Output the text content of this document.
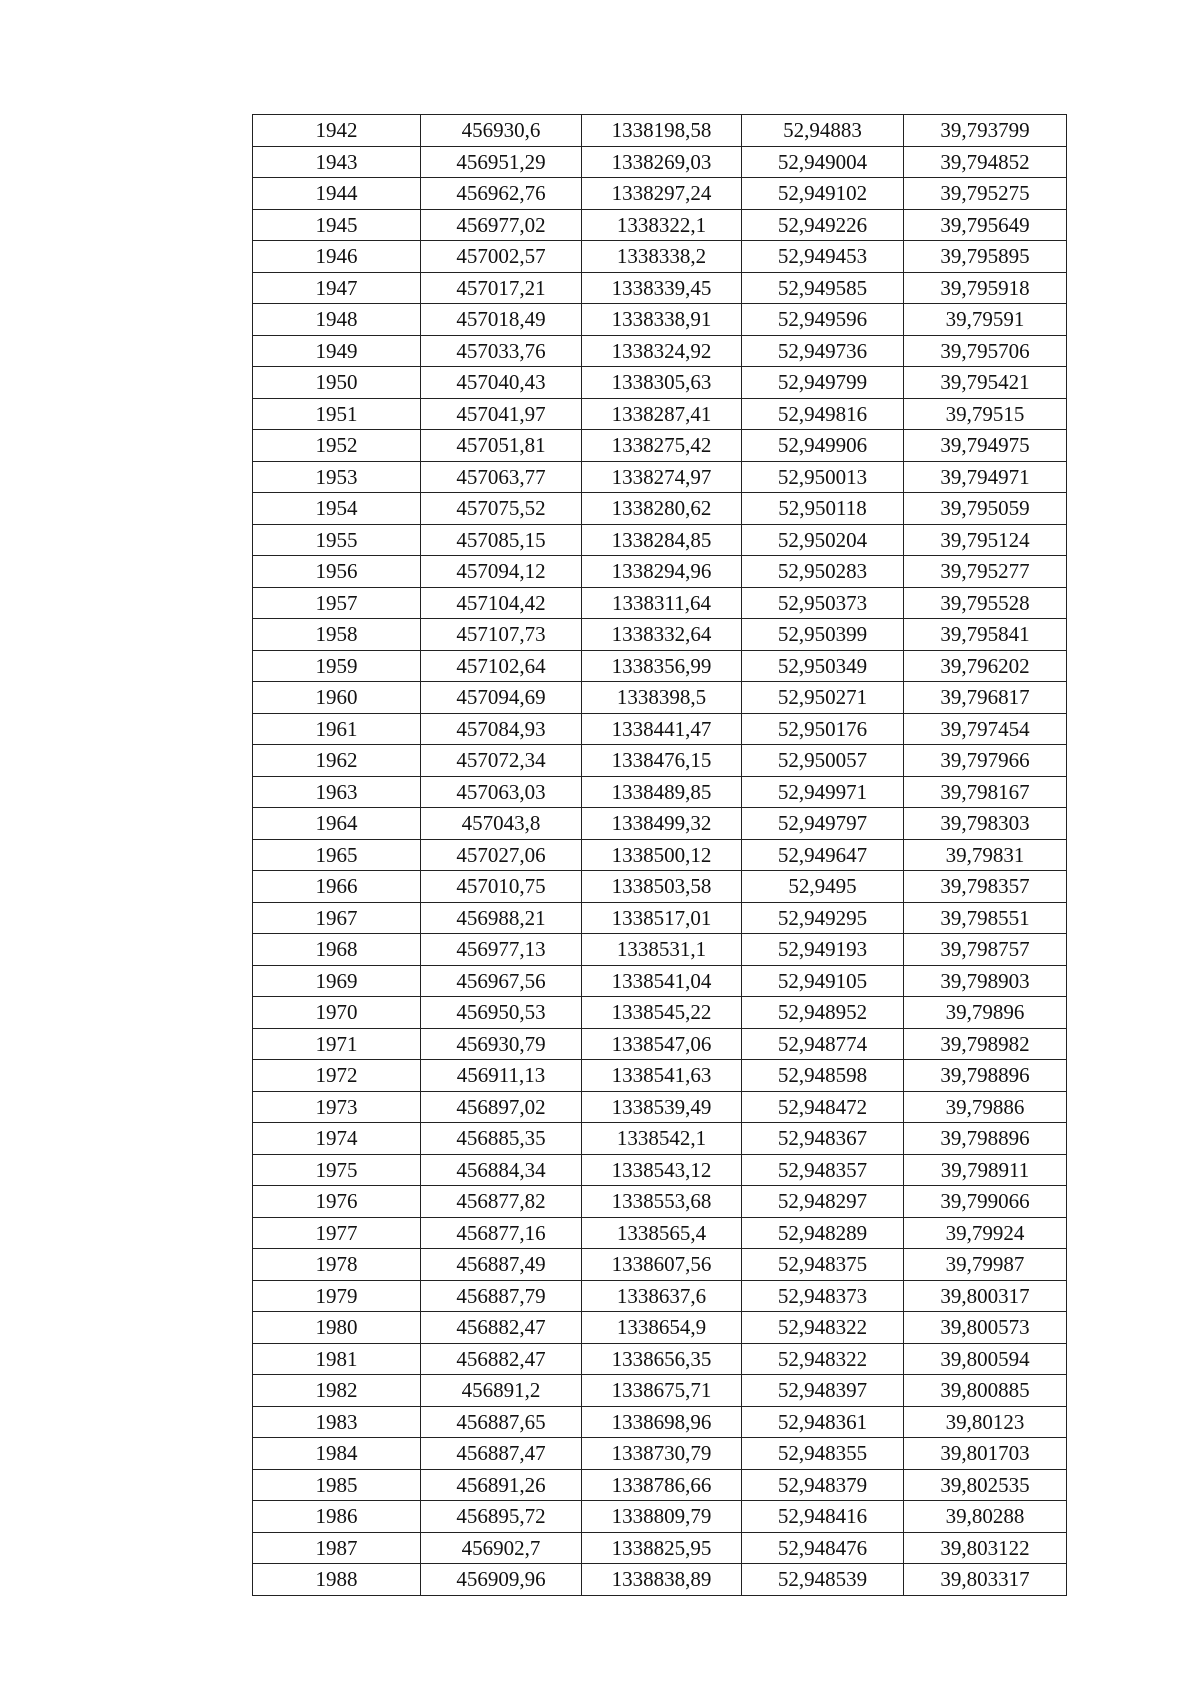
1942	456930,6	1338198,58	52,94883	39,793799
1943	456951,29	1338269,03	52,949004	39,794852
1944	456962,76	1338297,24	52,949102	39,795275
1945	456977,02	1338322,1	52,949226	39,795649
1946	457002,57	1338338,2	52,949453	39,795895
1947	457017,21	1338339,45	52,949585	39,795918
1948	457018,49	1338338,91	52,949596	39,79591
1949	457033,76	1338324,92	52,949736	39,795706
1950	457040,43	1338305,63	52,949799	39,795421
1951	457041,97	1338287,41	52,949816	39,79515
1952	457051,81	1338275,42	52,949906	39,794975
1953	457063,77	1338274,97	52,950013	39,794971
1954	457075,52	1338280,62	52,950118	39,795059
1955	457085,15	1338284,85	52,950204	39,795124
1956	457094,12	1338294,96	52,950283	39,795277
1957	457104,42	1338311,64	52,950373	39,795528
1958	457107,73	1338332,64	52,950399	39,795841
1959	457102,64	1338356,99	52,950349	39,796202
1960	457094,69	1338398,5	52,950271	39,796817
1961	457084,93	1338441,47	52,950176	39,797454
1962	457072,34	1338476,15	52,950057	39,797966
1963	457063,03	1338489,85	52,949971	39,798167
1964	457043,8	1338499,32	52,949797	39,798303
1965	457027,06	1338500,12	52,949647	39,79831
1966	457010,75	1338503,58	52,9495	39,798357
1967	456988,21	1338517,01	52,949295	39,798551
1968	456977,13	1338531,1	52,949193	39,798757
1969	456967,56	1338541,04	52,949105	39,798903
1970	456950,53	1338545,22	52,948952	39,79896
1971	456930,79	1338547,06	52,948774	39,798982
1972	456911,13	1338541,63	52,948598	39,798896
1973	456897,02	1338539,49	52,948472	39,79886
1974	456885,35	1338542,1	52,948367	39,798896
1975	456884,34	1338543,12	52,948357	39,798911
1976	456877,82	1338553,68	52,948297	39,799066
1977	456877,16	1338565,4	52,948289	39,79924
1978	456887,49	1338607,56	52,948375	39,79987
1979	456887,79	1338637,6	52,948373	39,800317
1980	456882,47	1338654,9	52,948322	39,800573
1981	456882,47	1338656,35	52,948322	39,800594
1982	456891,2	1338675,71	52,948397	39,800885
1983	456887,65	1338698,96	52,948361	39,80123
1984	456887,47	1338730,79	52,948355	39,801703
1985	456891,26	1338786,66	52,948379	39,802535
1986	456895,72	1338809,79	52,948416	39,80288
1987	456902,7	1338825,95	52,948476	39,803122
1988	456909,96	1338838,89	52,948539	39,803317
